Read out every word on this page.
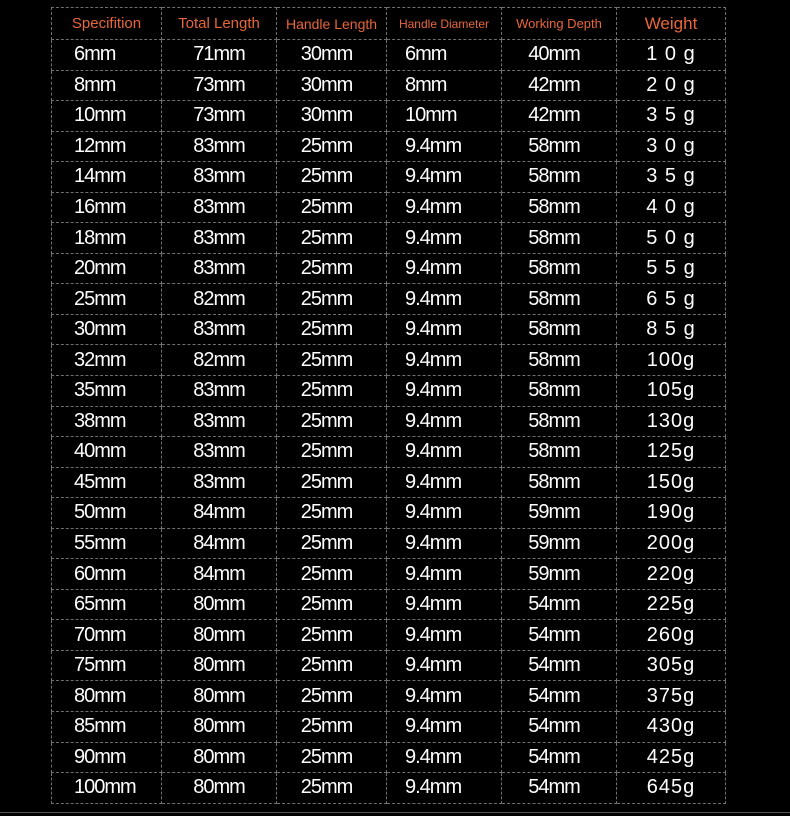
Specifition	Total Length	Handle Length	Handle Diameter	Working Depth	Weight
6mm	71mm	30mm	6mm	40mm	1 0 g
8mm	73mm	30mm	8mm	42mm	2 0 g
10mm	73mm	30mm	10mm	42mm	3 5 g
12mm	83mm	25mm	9.4mm	58mm	3 0 g
14mm	83mm	25mm	9.4mm	58mm	3 5 g
16mm	83mm	25mm	9.4mm	58mm	4 0 g
18mm	83mm	25mm	9.4mm	58mm	5 0 g
20mm	83mm	25mm	9.4mm	58mm	5 5 g
25mm	82mm	25mm	9.4mm	58mm	6 5 g
30mm	83mm	25mm	9.4mm	58mm	8 5 g
32mm	82mm	25mm	9.4mm	58mm	100g
35mm	83mm	25mm	9.4mm	58mm	105g
38mm	83mm	25mm	9.4mm	58mm	130g
40mm	83mm	25mm	9.4mm	58mm	125g
45mm	83mm	25mm	9.4mm	58mm	150g
50mm	84mm	25mm	9.4mm	59mm	190g
55mm	84mm	25mm	9.4mm	59mm	200g
60mm	84mm	25mm	9.4mm	59mm	220g
65mm	80mm	25mm	9.4mm	54mm	225g
70mm	80mm	25mm	9.4mm	54mm	260g
75mm	80mm	25mm	9.4mm	54mm	305g
80mm	80mm	25mm	9.4mm	54mm	375g
85mm	80mm	25mm	9.4mm	54mm	430g
90mm	80mm	25mm	9.4mm	54mm	425g
100mm	80mm	25mm	9.4mm	54mm	645g
